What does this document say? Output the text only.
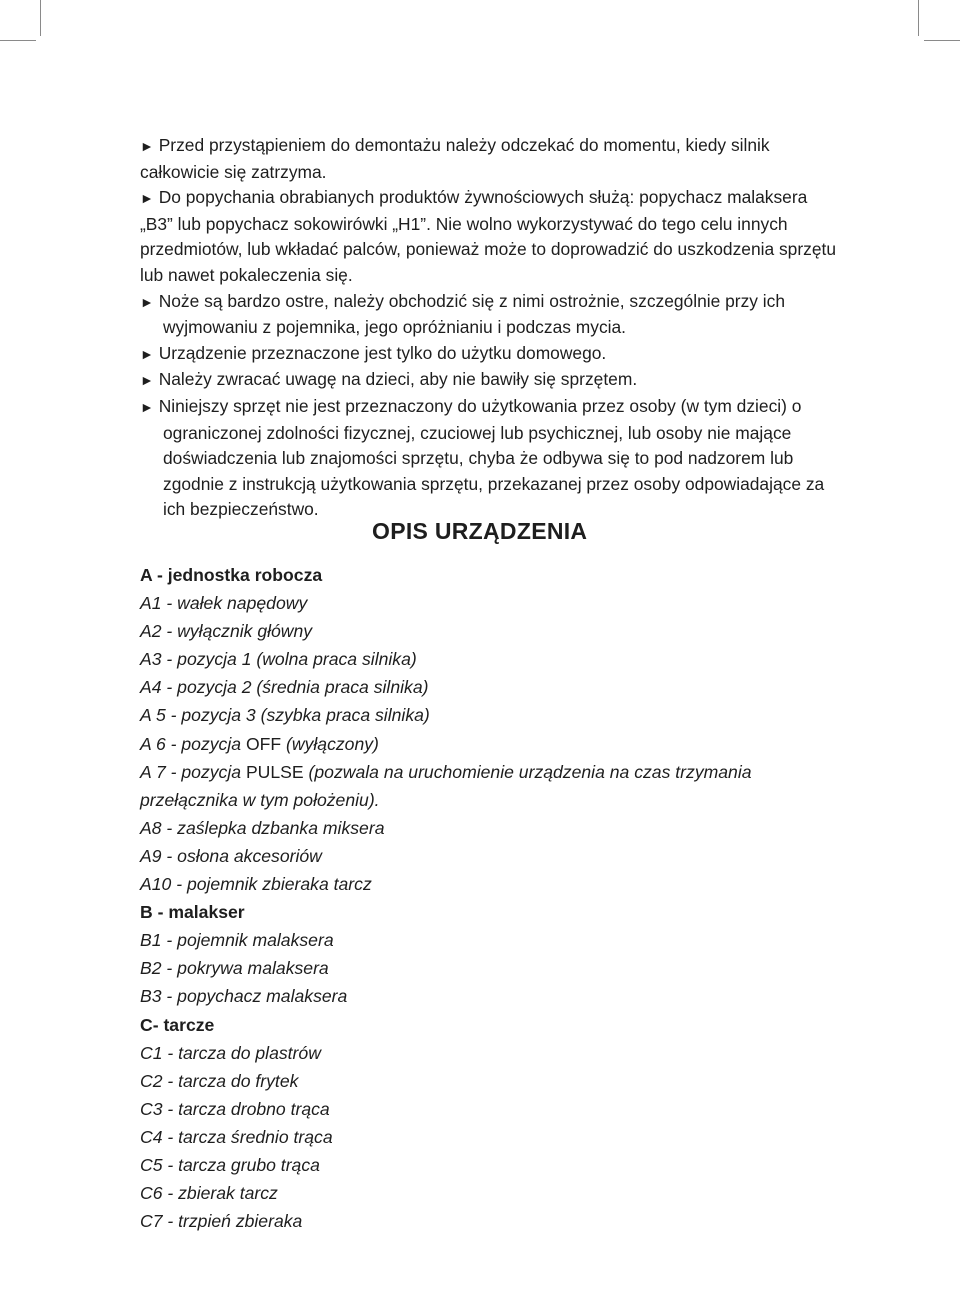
► Przed przystąpieniem do demontażu należy odczekać do momentu, kiedy silnik całkowicie się zatrzyma.

► Do popychania obrabianych produktów żywnościowych służą: popychacz malaksera „B3” lub popychacz sokowirówki „H1”. Nie wolno wykorzystywać do tego celu innych przedmiotów, lub wkładać palców, ponieważ może to doprowadzić do uszkodzenia sprzętu lub nawet pokaleczenia się.

► Noże są bardzo ostre, należy obchodzić się z nimi ostrożnie, szczególnie przy ich wyjmowaniu z pojemnika, jego opróżnianiu i podczas mycia.

► Urządzenie przeznaczone jest tylko do użytku domowego.

► Należy zwracać uwagę na dzieci, aby nie bawiły się sprzętem.

► Niniejszy sprzęt nie jest przeznaczony do użytkowania przez osoby (w tym dzieci) o ograniczonej zdolności fizycznej, czuciowej lub psychicznej, lub osoby nie mające doświadczenia lub znajomości sprzętu, chyba że odbywa się to pod nadzorem lub zgodnie z instrukcją użytkowania sprzętu, przekazanej przez osoby odpowiadające za ich bezpieczeństwo.

OPIS URZĄDZENIA

A - jednostka robocza

A1 - wałek napędowy

A2 - wyłącznik główny

A3 - pozycja 1 (wolna praca silnika)

A4 - pozycja 2 (średnia praca silnika)

A 5 - pozycja 3 (szybka praca silnika)

A 6 - pozycja OFF (wyłączony)

A 7 - pozycja PULSE (pozwala na uruchomienie urządzenia na czas trzymania przełącznika w tym położeniu).

A8 - zaślepka dzbanka miksera

A9 - osłona akcesoriów

A10 - pojemnik zbieraka tarcz

B - malakser

B1 - pojemnik malaksera

B2 - pokrywa malaksera

B3 - popychacz malaksera

C- tarcze

C1 - tarcza do plastrów

C2 - tarcza do frytek

C3 - tarcza drobno trąca

C4 - tarcza średnio trąca

C5 - tarcza grubo trąca

C6 - zbierak tarcz

C7 - trzpień zbieraka
